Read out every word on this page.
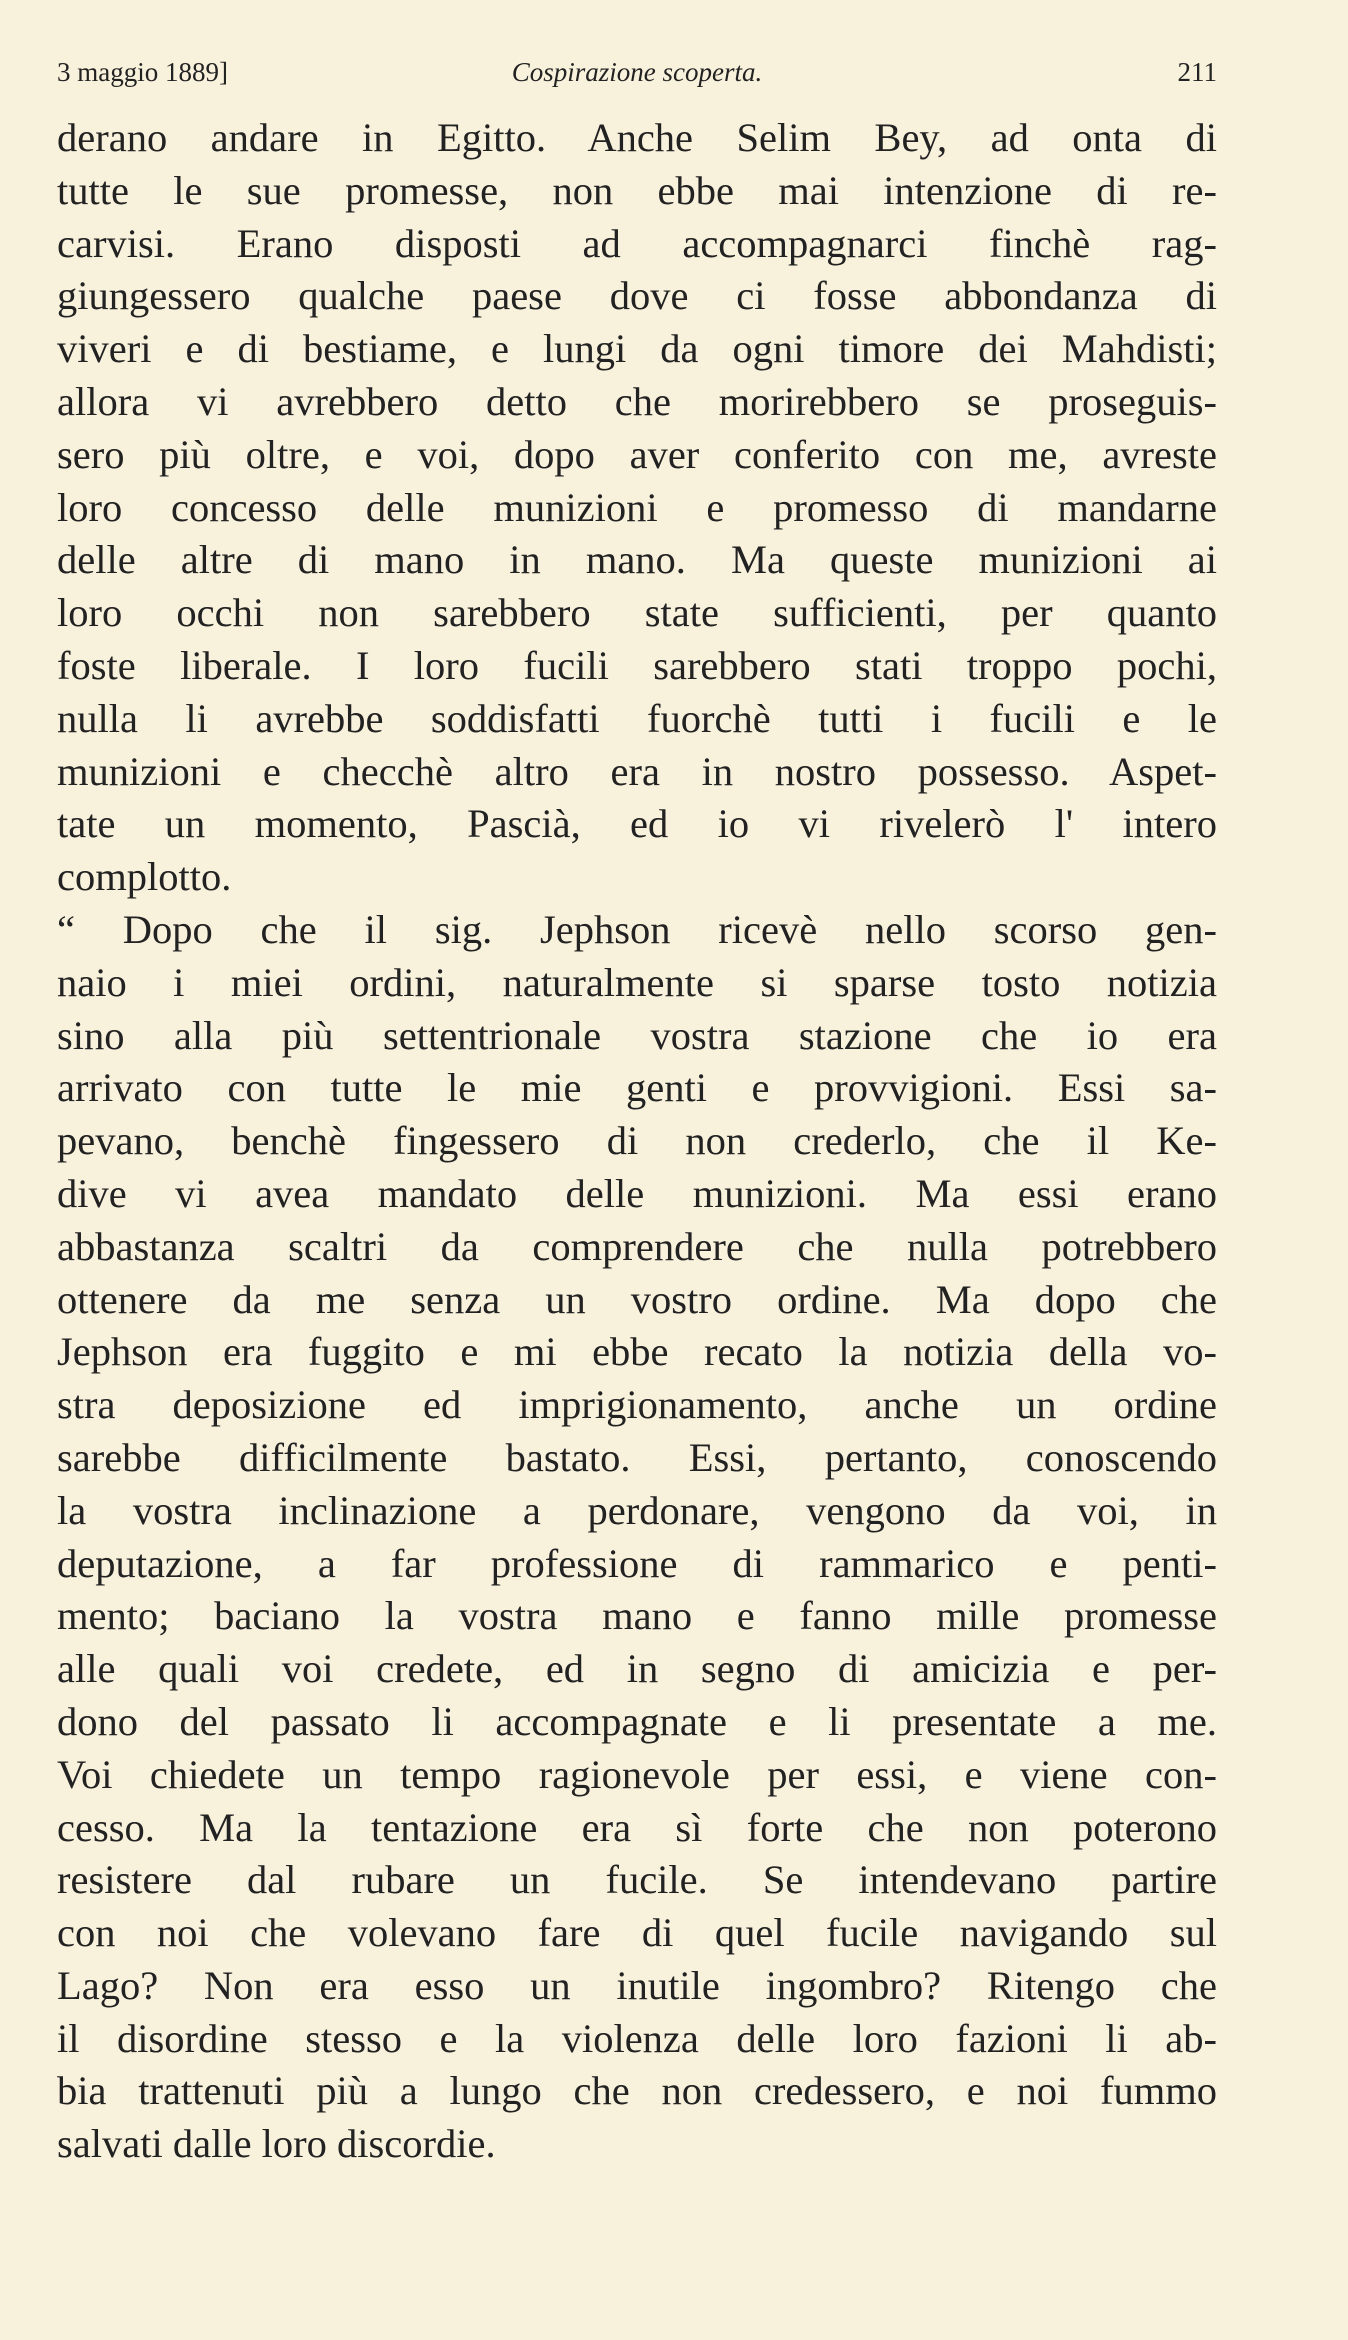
3 maggio 1889]	Cospirazione scoperta.	211
derano andare in Egitto. Anche Selim Bey, ad onta di
tutte le sue promesse, non ebbe mai intenzione di re-
carvisi. Erano disposti ad accompagnarci finchè rag-
giungessero qualche paese dove ci fosse abbondanza di
viveri e di bestiame, e lungi da ogni timore dei Mahdisti;
allora vi avrebbero detto che morirebbero se proseguis-
sero più oltre, e voi, dopo aver conferito con me, avreste
loro concesso delle munizioni e promesso di mandarne
delle altre di mano in mano. Ma queste munizioni ai
loro occhi non sarebbero state sufficienti, per quanto
foste liberale. I loro fucili sarebbero stati troppo pochi,
nulla li avrebbe soddisfatti fuorchè tutti i fucili e le
munizioni e checchè altro era in nostro possesso. Aspet-
tate un momento, Pascià, ed io vi rivelerò l' intero
complotto.
“ Dopo che il sig. Jephson ricevè nello scorso gen-
naio i miei ordini, naturalmente si sparse tosto notizia
sino alla più settentrionale vostra stazione che io era
arrivato con tutte le mie genti e provvigioni. Essi sa-
pevano, benchè fingessero di non crederlo, che il Ke-
dive vi avea mandato delle munizioni. Ma essi erano
abbastanza scaltri da comprendere che nulla potrebbero
ottenere da me senza un vostro ordine. Ma dopo che
Jephson era fuggito e mi ebbe recato la notizia della vo-
stra deposizione ed imprigionamento, anche un ordine
sarebbe difficilmente bastato. Essi, pertanto, conoscendo
la vostra inclinazione a perdonare, vengono da voi, in
deputazione, a far professione di rammarico e penti-
mento; baciano la vostra mano e fanno mille promesse
alle quali voi credete, ed in segno di amicizia e per-
dono del passato li accompagnate e li presentate a me.
Voi chiedete un tempo ragionevole per essi, e viene con-
cesso. Ma la tentazione era sì forte che non poterono
resistere dal rubare un fucile. Se intendevano partire
con noi che volevano fare di quel fucile navigando sul
Lago? Non era esso un inutile ingombro? Ritengo che
il disordine stesso e la violenza delle loro fazioni li ab-
bia trattenuti più a lungo che non credessero, e noi fummo
salvati dalle loro discordie.
